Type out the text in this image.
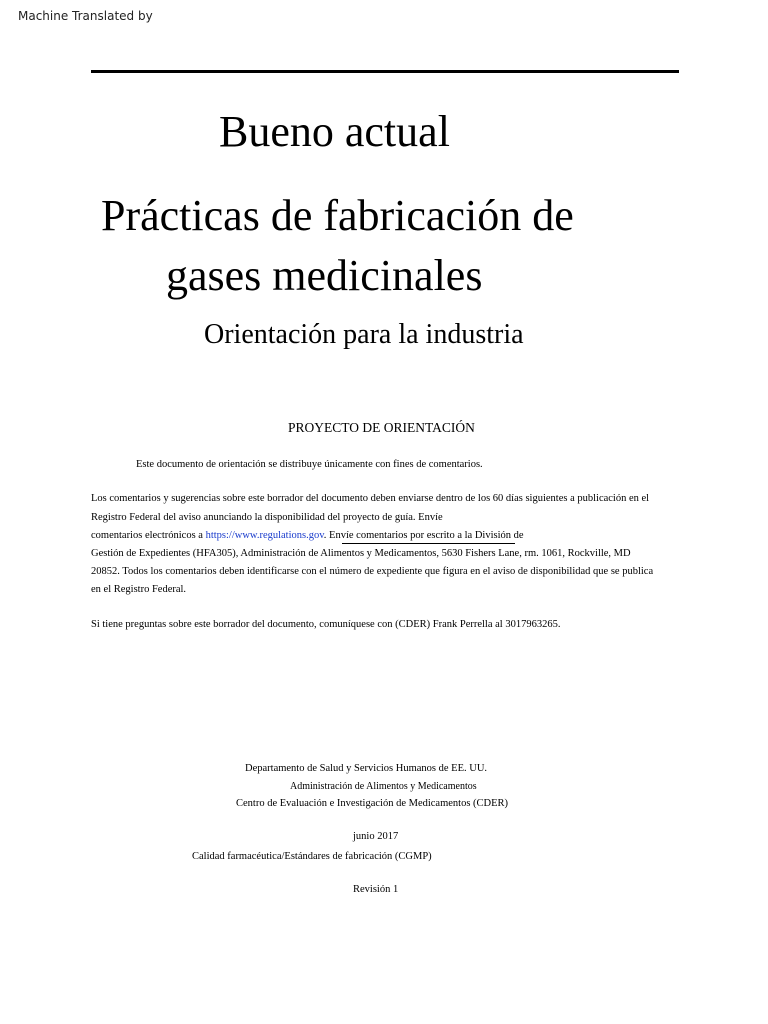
Machine Translated by
Bueno actual
Prácticas de fabricación de
gases medicinales
Orientación para la industria
PROYECTO DE ORIENTACIÓN
Este documento de orientación se distribuye únicamente con fines de comentarios.
Los comentarios y sugerencias sobre este borrador del documento deben enviarse dentro de los 60 días siguientes a publicación en el
Registro Federal del aviso anunciando la disponibilidad del proyecto de guía. Envíe
comentarios electrónicos a https://www.regulations.gov. Envíe comentarios por escrito a la División de
Gestión de Expedientes (HFA305), Administración de Alimentos y Medicamentos, 5630 Fishers Lane, rm. 1061, Rockville, MD
20852. Todos los comentarios deben identificarse con el número de expediente que figura en el aviso de disponibilidad que se publica
en el Registro Federal.
Si tiene preguntas sobre este borrador del documento, comuníquese con (CDER) Frank Perrella al 3017963265.
Departamento de Salud y Servicios Humanos de EE. UU.
Administración de Alimentos y Medicamentos
Centro de Evaluación e Investigación de Medicamentos (CDER)
junio 2017
Calidad farmacéutica/Estándares de fabricación (CGMP)
Revisión 1
